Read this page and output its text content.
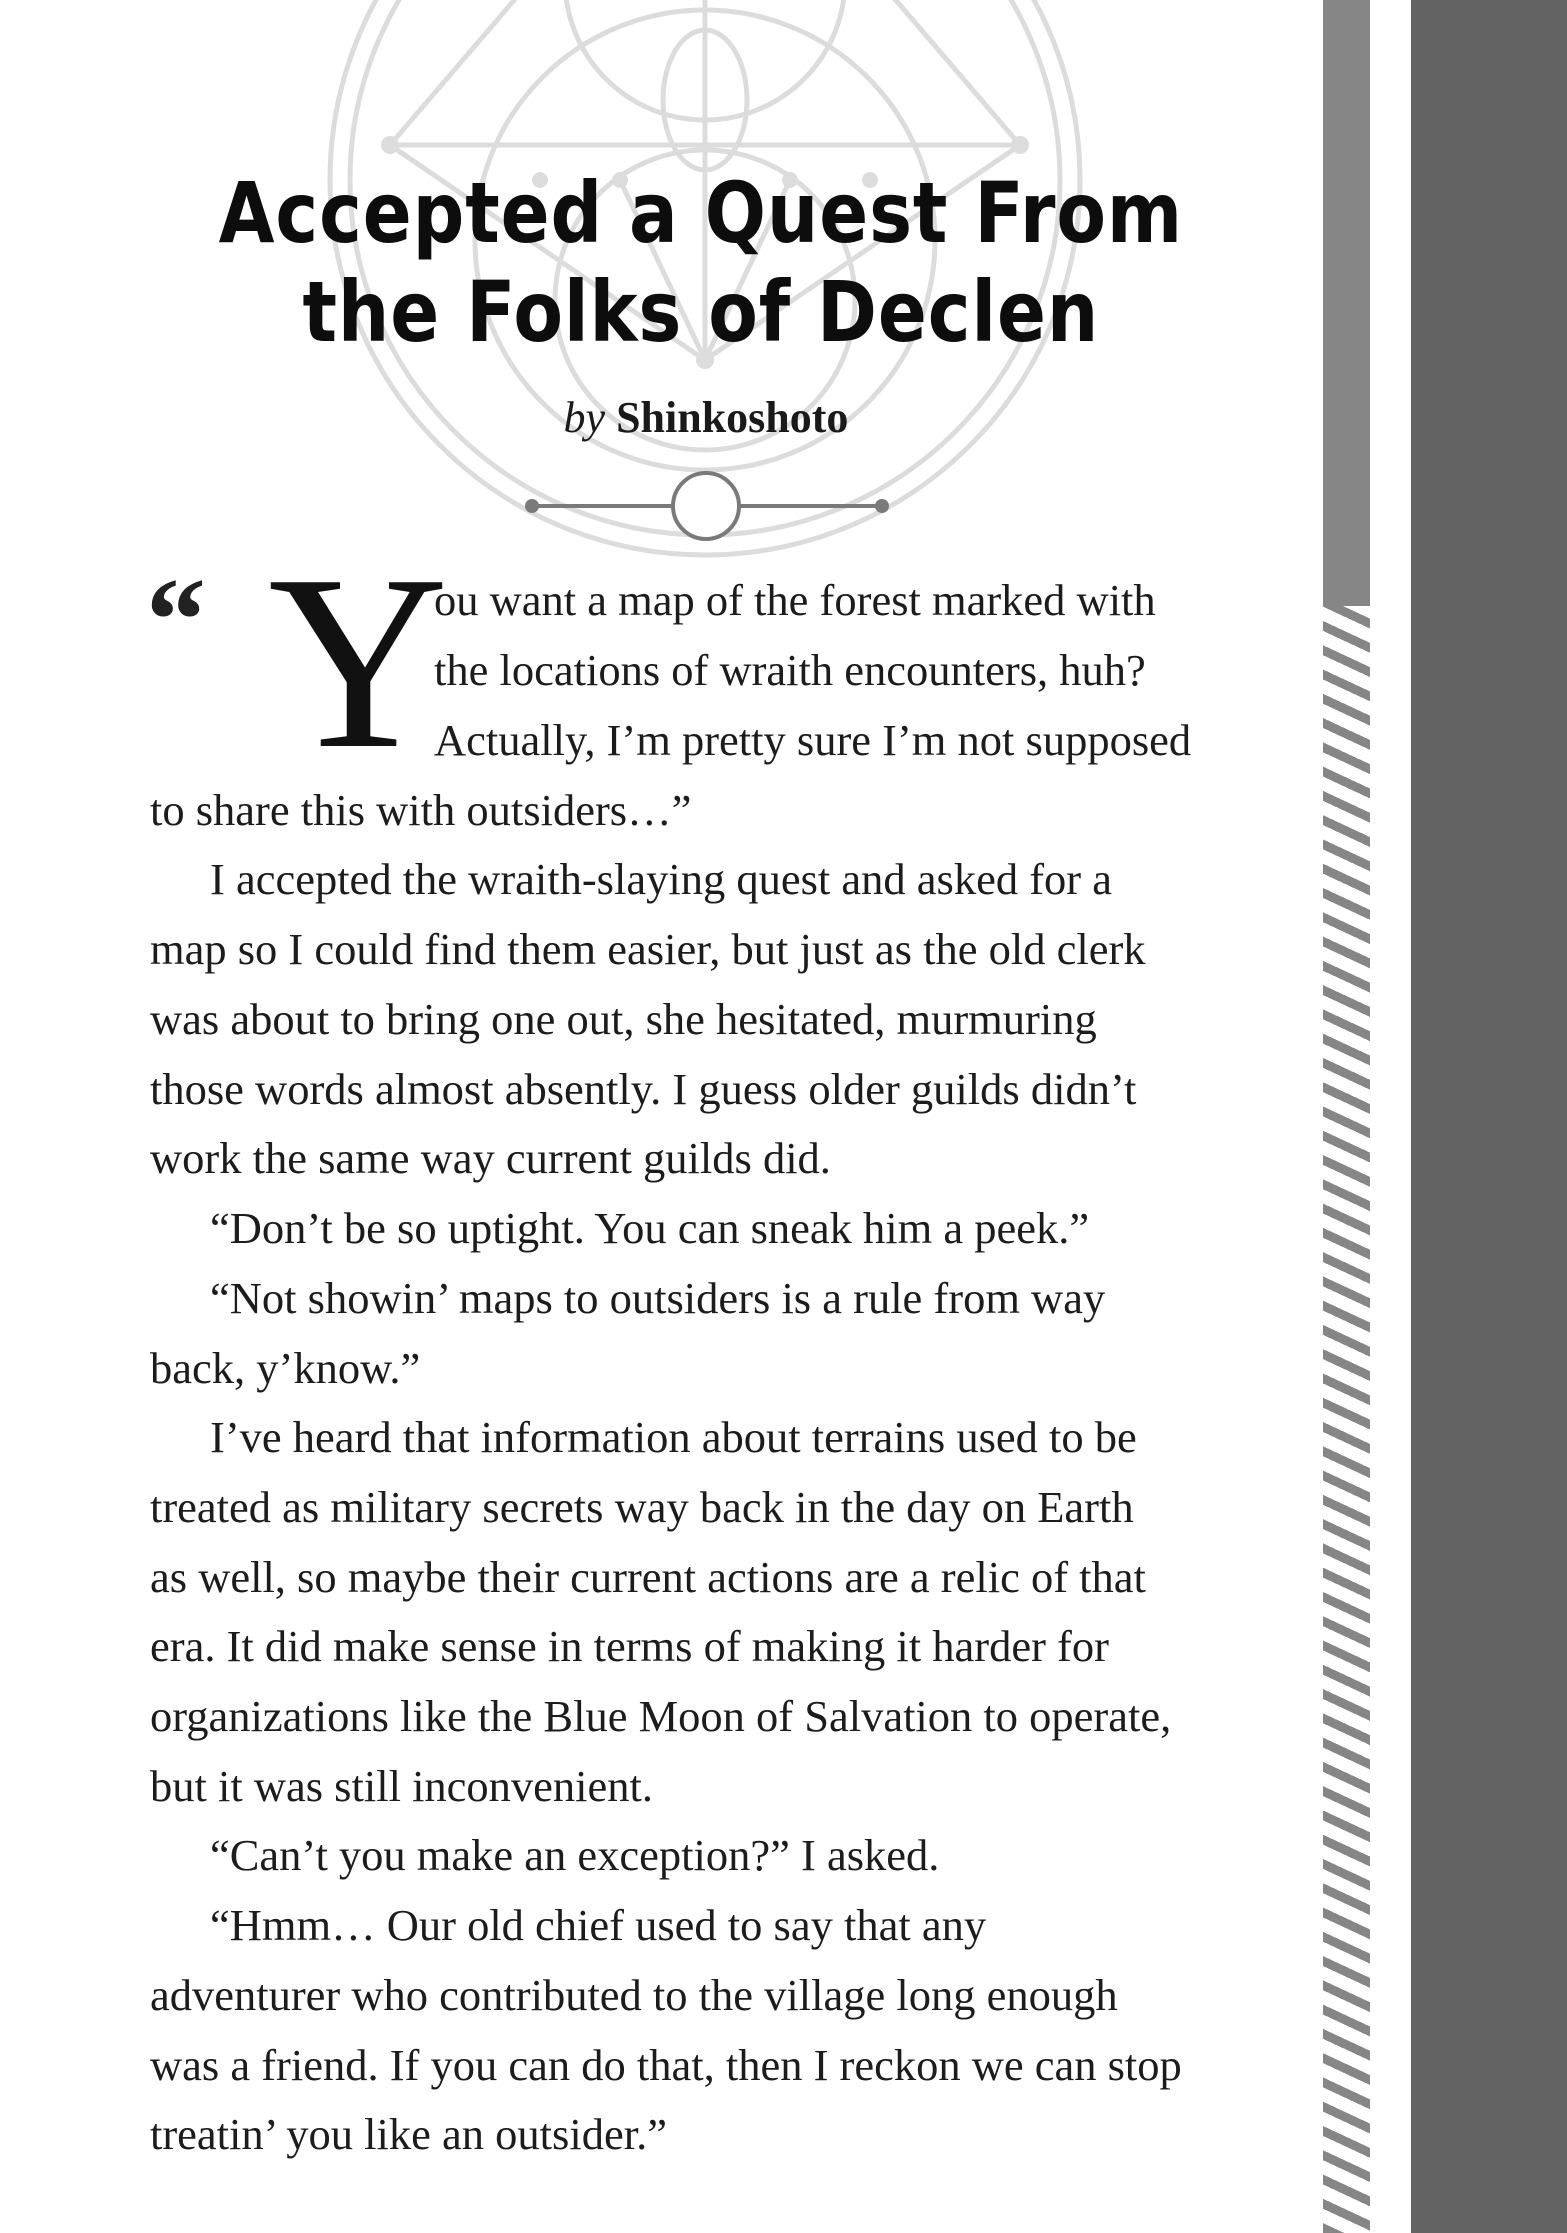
Accepted a Quest From
the Folks of Declen
by Shinkoshoto
“ Y
ou want a map of the forest marked with
the locations of wraith encounters, huh?
Actually, I’m pretty sure I’m not supposed
to share this with outsiders…”
I accepted the wraith-slaying quest and asked for a
map so I could find them easier, but just as the old clerk
was about to bring one out, she hesitated, murmuring
those words almost absently. I guess older guilds didn’t
work the same way current guilds did.
“Don’t be so uptight. You can sneak him a peek.”
“Not showin’ maps to outsiders is a rule from way
back, y’know.”
I’ve heard that information about terrains used to be
treated as military secrets way back in the day on Earth
as well, so maybe their current actions are a relic of that
era. It did make sense in terms of making it harder for
organizations like the Blue Moon of Salvation to operate,
but it was still inconvenient.
“Can’t you make an exception?” I asked.
“Hmm… Our old chief used to say that any
adventurer who contributed to the village long enough
was a friend. If you can do that, then I reckon we can stop
treatin’ you like an outsider.”
